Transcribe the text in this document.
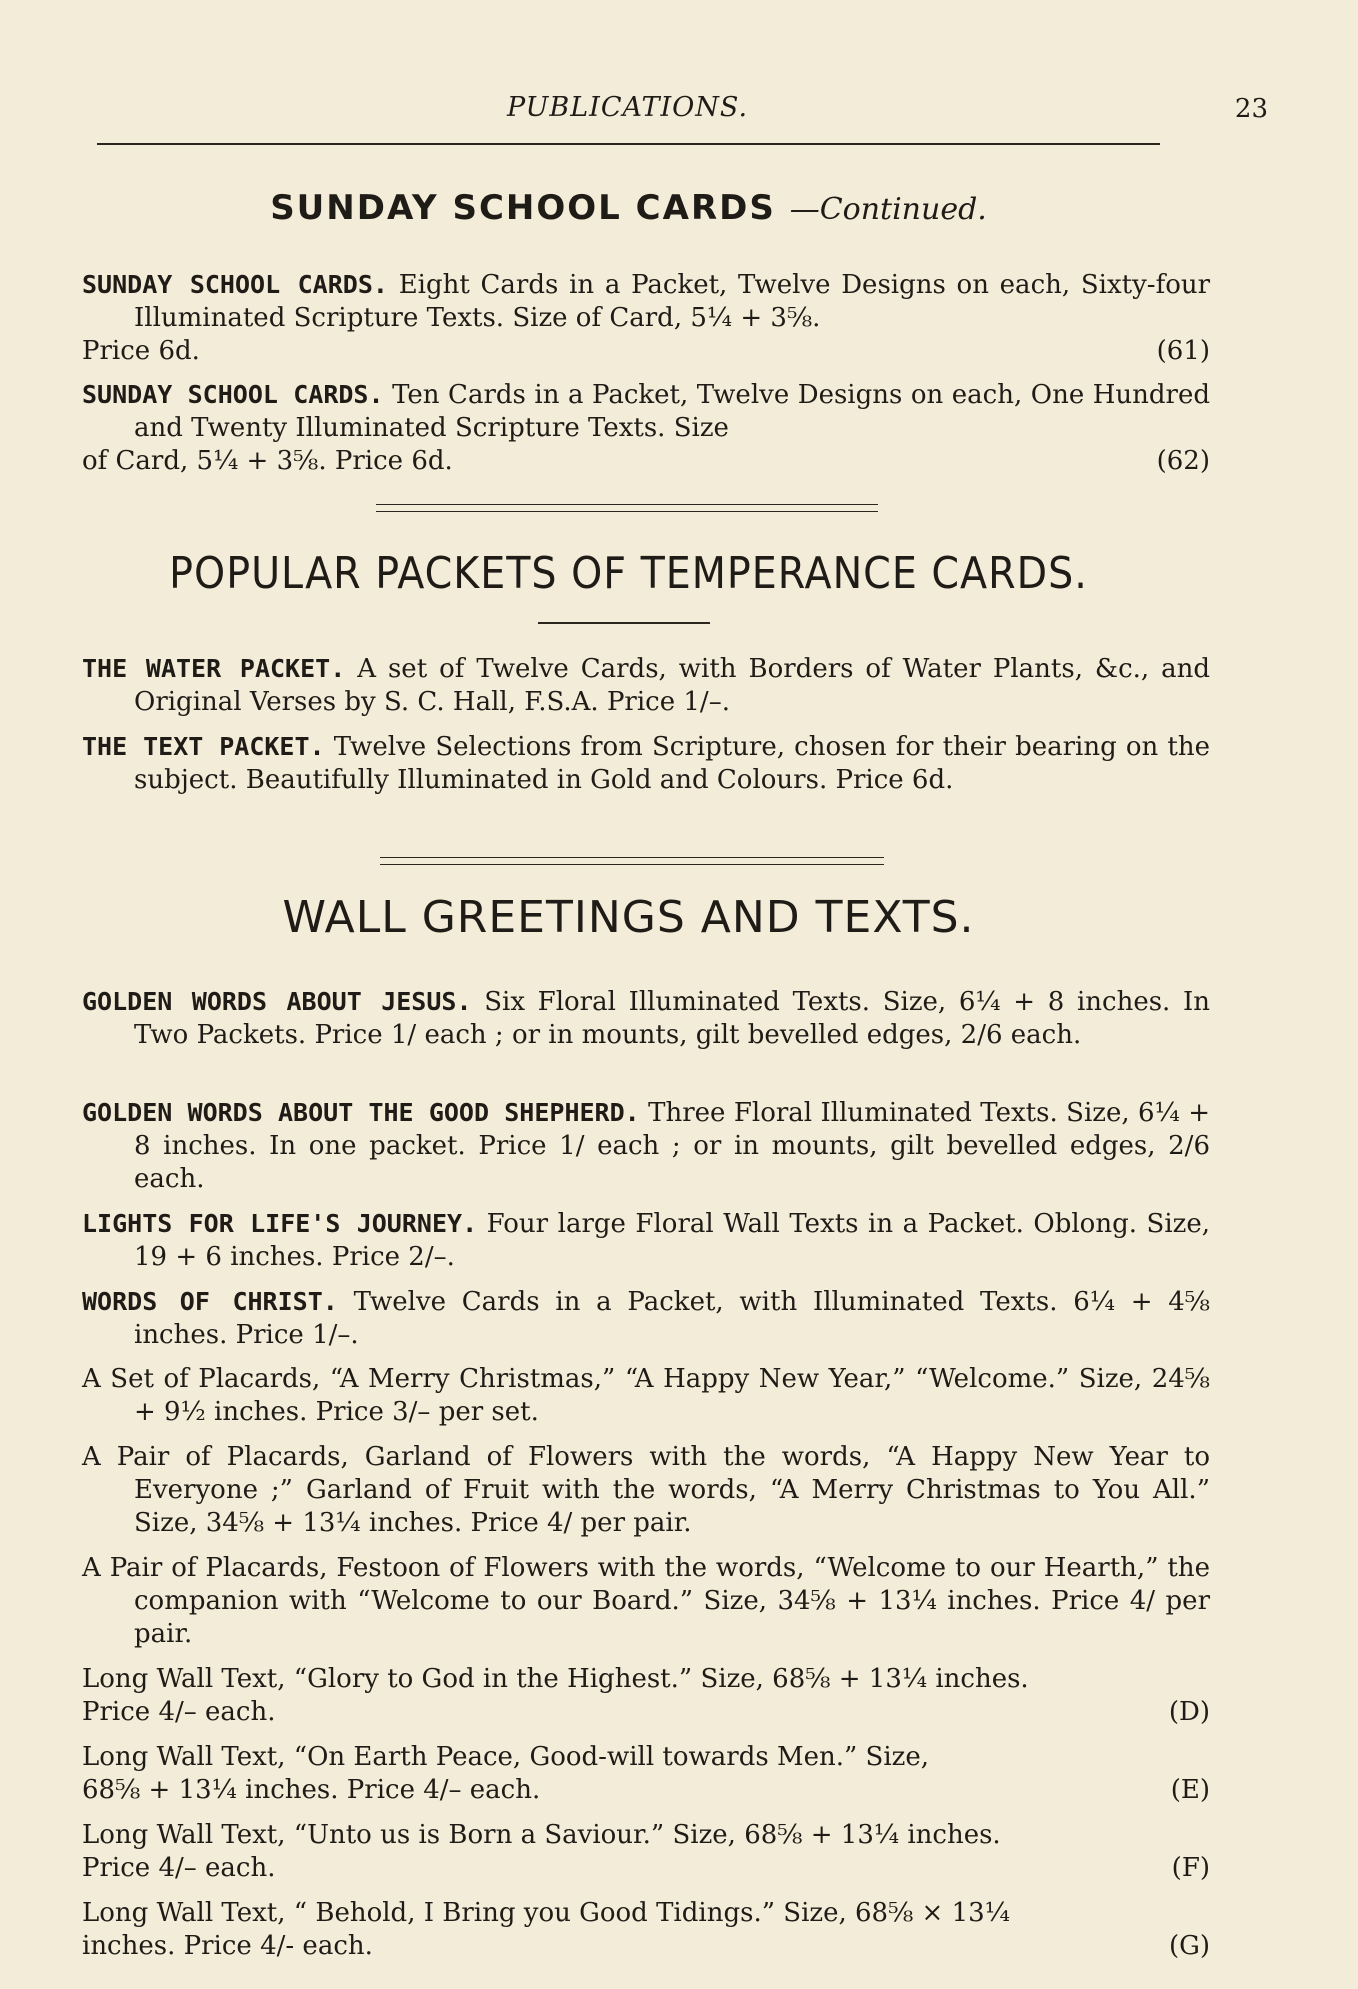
PUBLICATIONS.	23
SUNDAY SCHOOL CARDS —Continued.
SUNDAY SCHOOL CARDS. Eight Cards in a Packet, Twelve Designs on each, Sixty-four Illuminated Scripture Texts. Size of Card, 5¼ + 3⅝.
Price 6d.	(61)
SUNDAY SCHOOL CARDS. Ten Cards in a Packet, Twelve Designs on each, One Hundred and Twenty Illuminated Scripture Texts. Size
of Card, 5¼ + 3⅝. Price 6d.	(62)
POPULAR PACKETS OF TEMPERANCE CARDS.
THE WATER PACKET. A set of Twelve Cards, with Borders of Water Plants, &c., and Original Verses by S. C. Hall, F.S.A. Price 1/–.
THE TEXT PACKET. Twelve Selections from Scripture, chosen for their bearing on the subject. Beautifully Illuminated in Gold and Colours. Price 6d.
WALL GREETINGS AND TEXTS.
GOLDEN WORDS ABOUT JESUS. Six Floral Illuminated Texts. Size, 6¼ + 8 inches. In Two Packets. Price 1/ each ; or in mounts, gilt bevelled edges, 2/6 each.
GOLDEN WORDS ABOUT THE GOOD SHEPHERD. Three Floral Illuminated Texts. Size, 6¼ + 8 inches. In one packet. Price 1/ each ; or in mounts, gilt bevelled edges, 2/6 each.
LIGHTS FOR LIFE'S JOURNEY. Four large Floral Wall Texts in a Packet. Oblong. Size, 19 + 6 inches. Price 2/–.
WORDS OF CHRIST. Twelve Cards in a Packet, with Illuminated Texts. 6¼ + 4⅝ inches. Price 1/–.
A Set of Placards, “A Merry Christmas,” “A Happy New Year,” “Welcome.” Size, 24⅝ + 9½ inches. Price 3/– per set.
A Pair of Placards, Garland of Flowers with the words, “A Happy New Year to Everyone ;” Garland of Fruit with the words, “A Merry Christmas to You All.” Size, 34⅝ + 13¼ inches. Price 4/ per pair.
A Pair of Placards, Festoon of Flowers with the words, “Welcome to our Hearth,” the companion with “Welcome to our Board.” Size, 34⅝ + 13¼ inches. Price 4/ per pair.
Long Wall Text, “Glory to God in the Highest.” Size, 68⅝ + 13¼ inches.
Price 4/– each.	(D)
Long Wall Text, “On Earth Peace, Good-will towards Men.” Size,
68⅝ + 13¼ inches. Price 4/– each.	(E)
Long Wall Text, “Unto us is Born a Saviour.” Size, 68⅝ + 13¼ inches.
Price 4/– each.	(F)
Long Wall Text, “ Behold, I Bring you Good Tidings.” Size, 68⅝ × 13¼
inches. Price 4/- each.	(G)
